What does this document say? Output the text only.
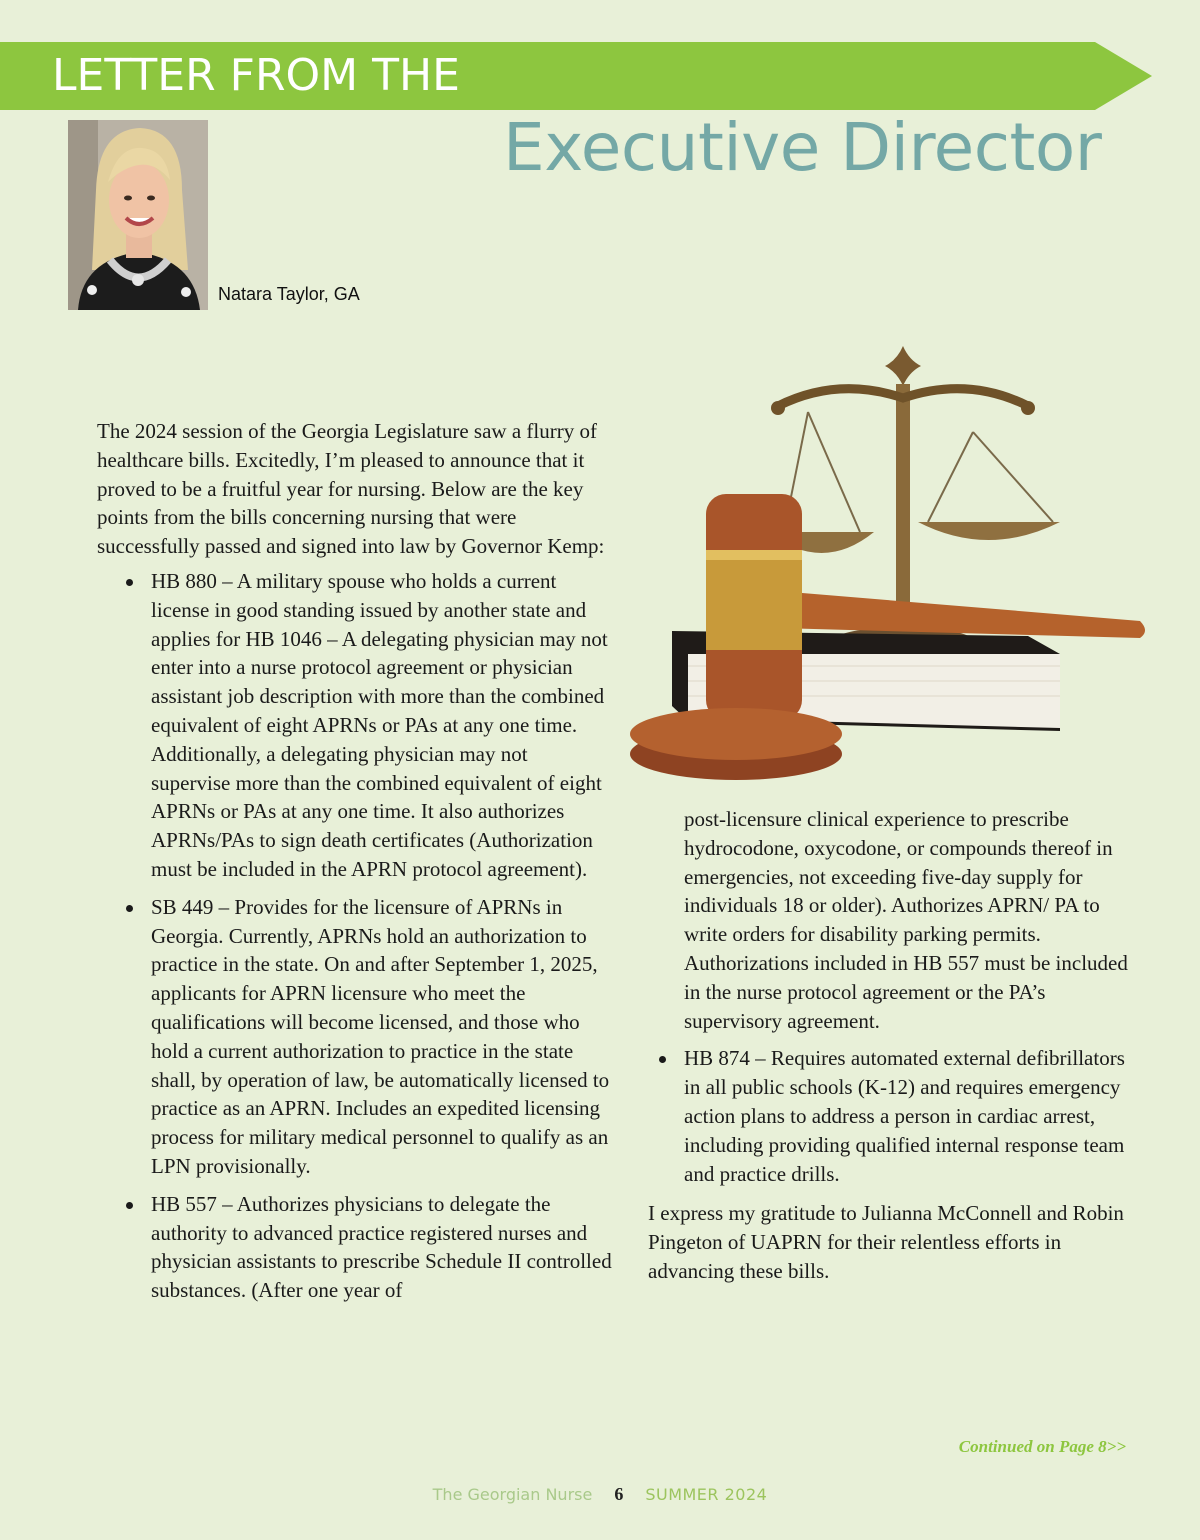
LETTER FROM THE
Executive Director
Natara Taylor, GA

The 2024 session of the Georgia Legislature saw a flurry of healthcare bills. Excitedly, I’m pleased to announce that it proved to be a fruitful year for nursing. Below are the key points from the bills concerning nursing that were successfully passed and signed into law by Governor Kemp:

HB 880 – A military spouse who holds a current license in good standing issued by another state and applies for HB 1046 – A delegating physician may not enter into a nurse protocol agreement or physician assistant job description with more than the combined equivalent of eight APRNs or PAs at any one time. Additionally, a delegating physician may not supervise more than the combined equivalent of eight APRNs or PAs at any one time. It also authorizes APRNs/PAs to sign death certificates (Authorization must be included in the APRN protocol agreement).
SB 449 – Provides for the licensure of APRNs in Georgia. Currently, APRNs hold an authorization to practice in the state. On and after September 1, 2025, applicants for APRN licensure who meet the qualifications will become licensed, and those who hold a current authorization to practice in the state shall, by operation of law, be automatically licensed to practice as an APRN. Includes an expedited licensing process for military medical personnel to qualify as an LPN provisionally.
HB 557 – Authorizes physicians to delegate the authority to advanced practice registered nurses and physician assistants to prescribe Schedule II controlled substances. (After one year of

post-licensure clinical experience to prescribe hydrocodone, oxycodone, or compounds thereof in emergencies, not exceeding five-day supply for individuals 18 or older). Authorizes APRN/ PA to write orders for disability parking permits. Authorizations included in HB 557 must be included in the nurse protocol agreement or the PA’s supervisory agreement.

HB 874 – Requires automated external defibrillators in all public schools (K-12) and requires emergency action plans to address a person in cardiac arrest, including providing qualified internal response team and practice drills.

I express my gratitude to Julianna McConnell and Robin Pingeton of UAPRN for their relentless efforts in advancing these bills.

Continued on Page 8>>
The Georgian Nurse 6 SUMMER 2024
